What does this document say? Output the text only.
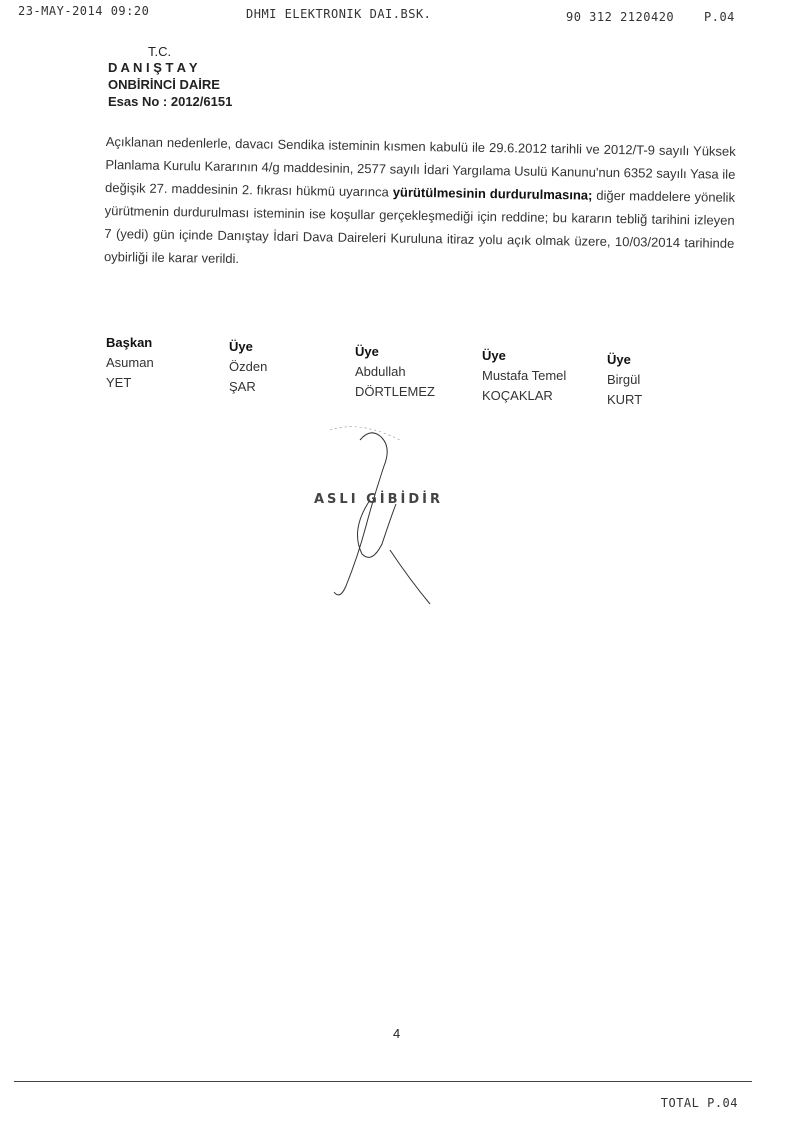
23-MAY-2014 09:20	DHMI ELEKTRONIK DAI.BSK.	90 312 2120420 P.04
T.C.
D A N I Ş T A Y
ONBİRİNCİ DAİRE
Esas No : 2012/6151

Açıklanan nedenlerle, davacı Sendika isteminin kısmen kabulü ile 29.6.2012 tarihli ve 2012/T-9 sayılı Yüksek Planlama Kurulu Kararının 4/g maddesinin, 2577 sayılı İdari Yargılama Usulü Kanunu'nun 6352 sayılı Yasa ile değişik 27. maddesinin 2. fıkrası hükmü uyarınca yürütülmesinin durdurulmasına; diğer maddelere yönelik yürütmenin durdurulması isteminin ise koşullar gerçekleşmediği için reddine; bu kararın tebliğ tarihini izleyen 7 (yedi) gün içinde Danıştay İdari Dava Daireleri Kuruluna itiraz yolu açık olmak üzere, 10/03/2014 tarihinde oybirliği ile karar verildi.

Başkan
Asuman
YET
Üye
Özden
ŞAR
Üye
Abdullah
DÖRTLEMEZ
Üye
Mustafa Temel
KOÇAKLAR
Üye
Birgül
KURT
ASLI GİBİDİR
4
TOTAL P.04
